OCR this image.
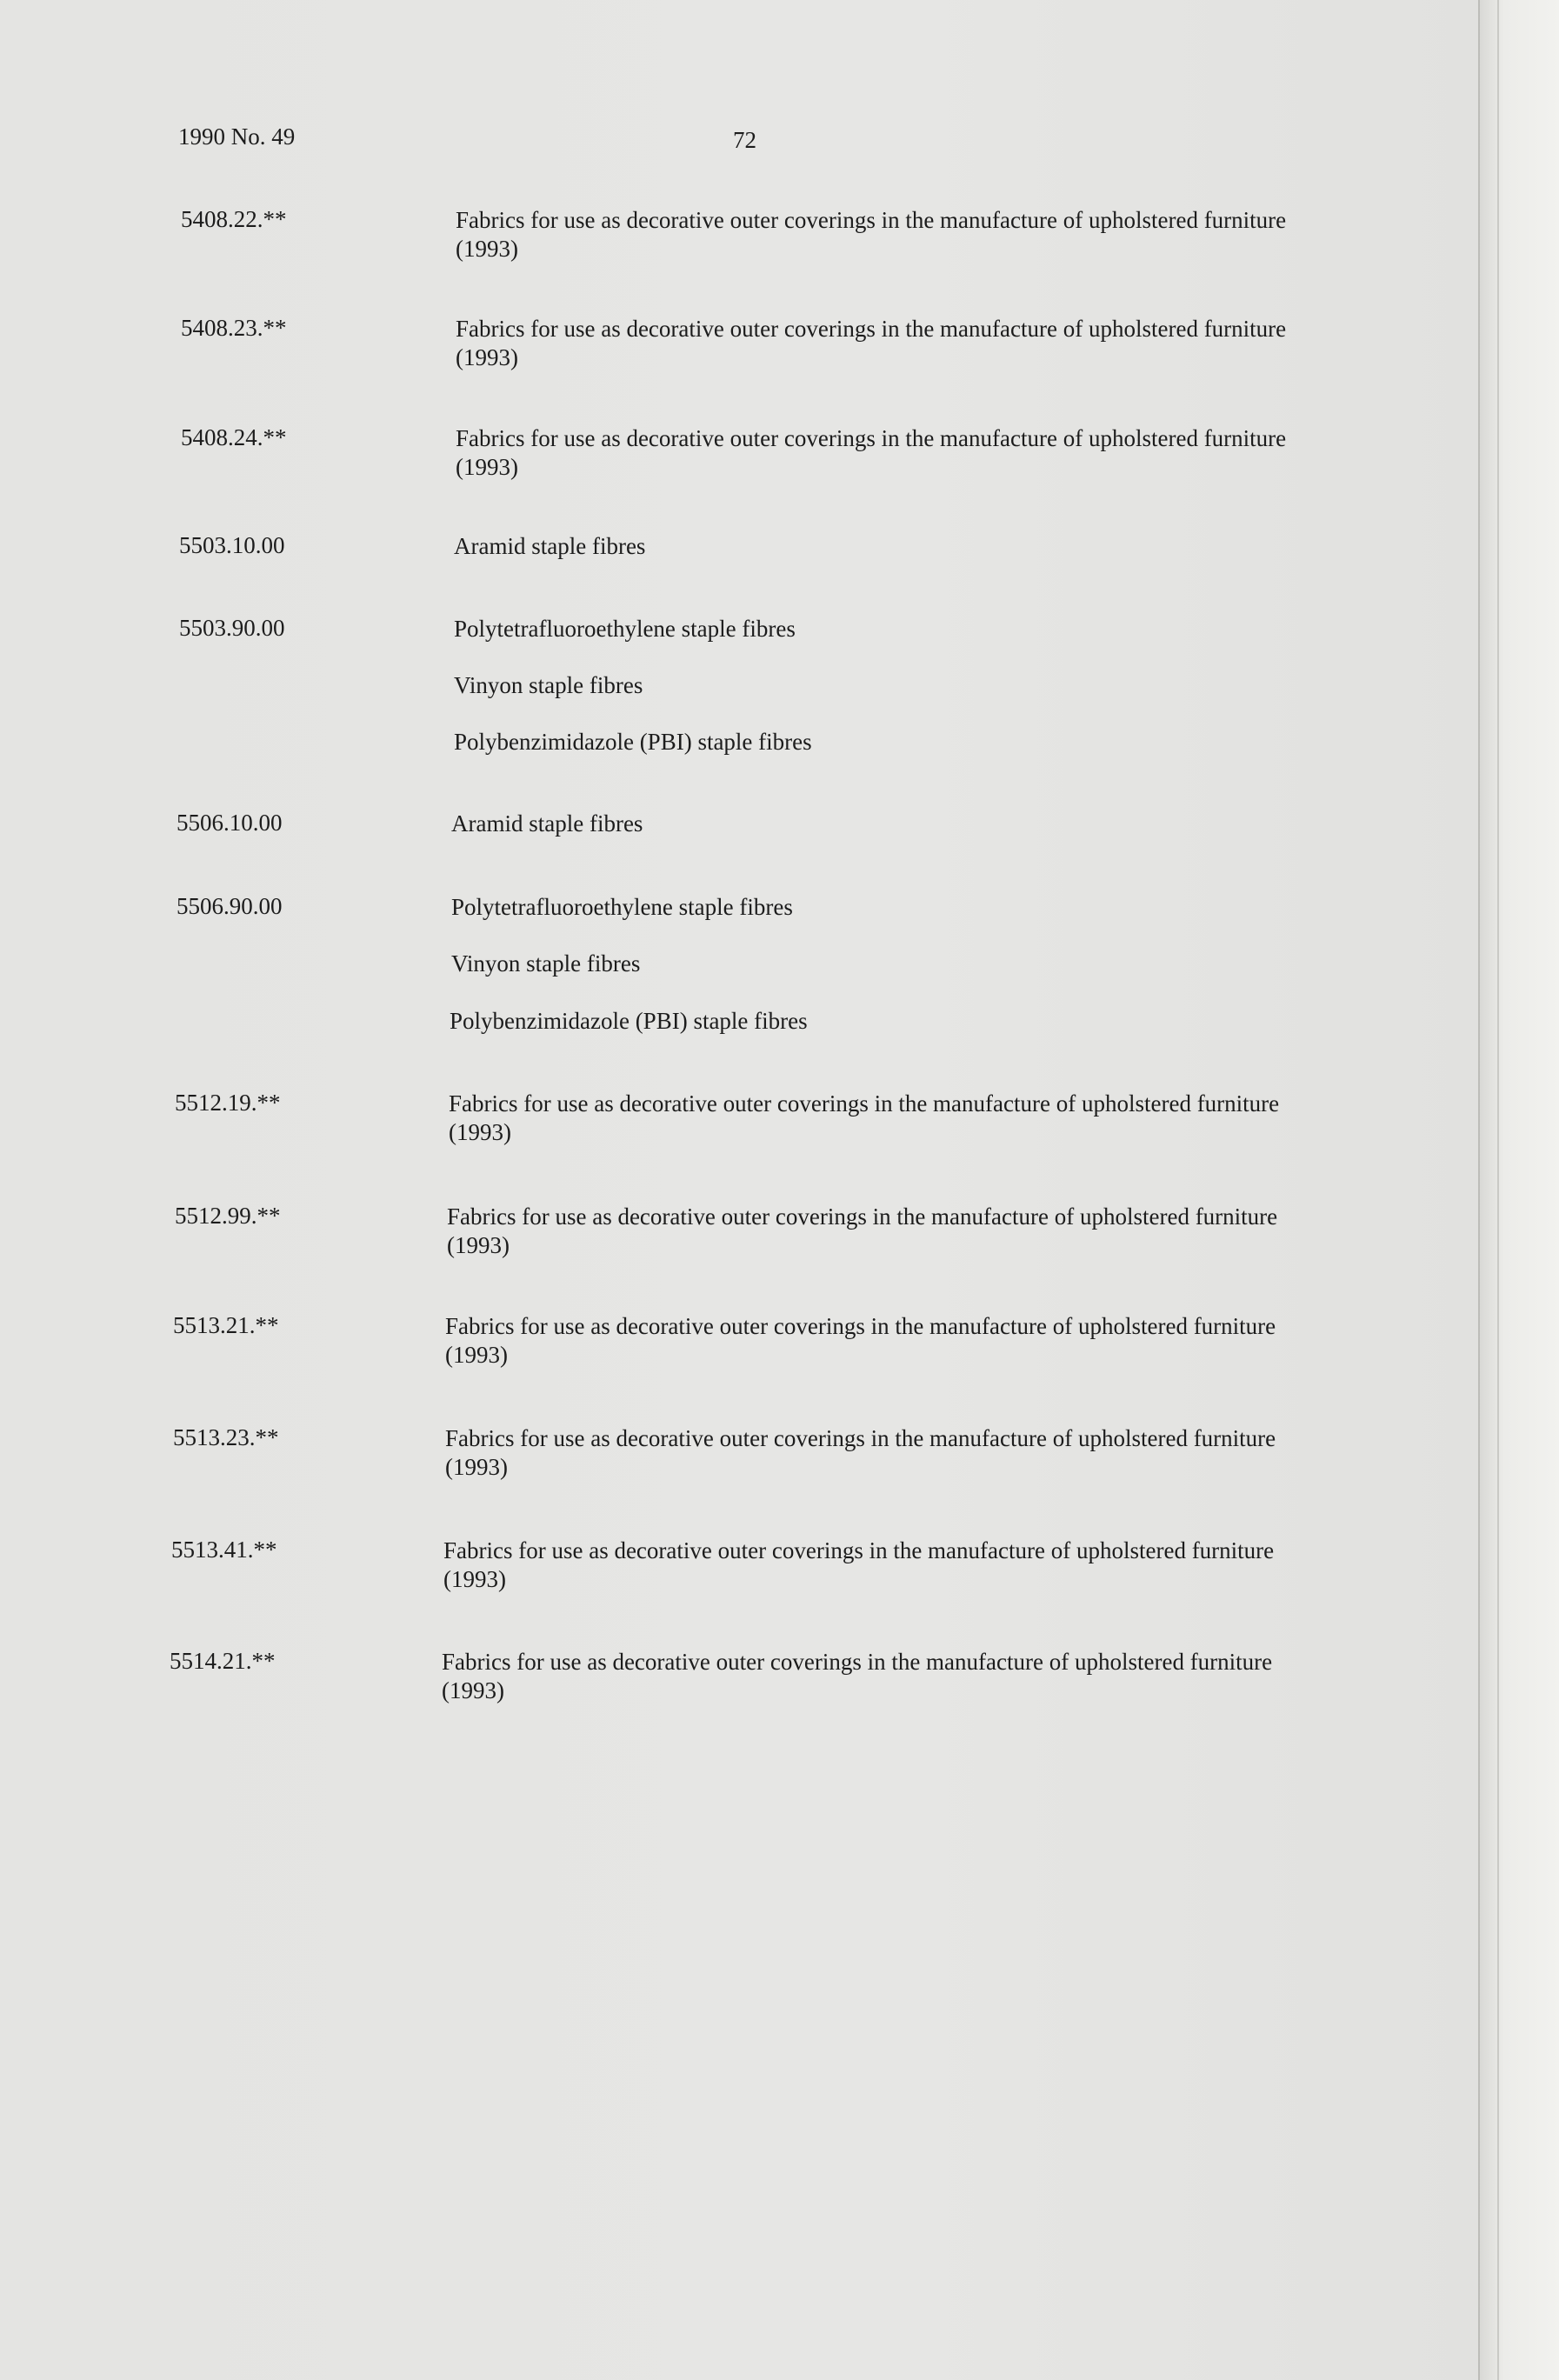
1990 No. 49	72
5408.22.**	Fabrics for use as decorative outer coverings in the manufacture of upholstered furniture (1993)
5408.23.**	Fabrics for use as decorative outer coverings in the manufacture of upholstered furniture (1993)
5408.24.**	Fabrics for use as decorative outer coverings in the manufacture of upholstered furniture (1993)
5503.10.00	Aramid staple fibres
5503.90.00	Polytetrafluoroethylene staple fibres
Vinyon staple fibres
Polybenzimidazole (PBI) staple fibres
5506.10.00	Aramid staple fibres
5506.90.00	Polytetrafluoroethylene staple fibres
Vinyon staple fibres
Polybenzimidazole (PBI) staple fibres
5512.19.**	Fabrics for use as decorative outer coverings in the manufacture of upholstered furniture (1993)
5512.99.**	Fabrics for use as decorative outer coverings in the manufacture of upholstered furniture (1993)
5513.21.**	Fabrics for use as decorative outer coverings in the manufacture of upholstered furniture (1993)
5513.23.**	Fabrics for use as decorative outer coverings in the manufacture of upholstered furniture (1993)
5513.41.**	Fabrics for use as decorative outer coverings in the manufacture of upholstered furniture (1993)
5514.21.**	Fabrics for use as decorative outer coverings in the manufacture of upholstered furniture (1993)
